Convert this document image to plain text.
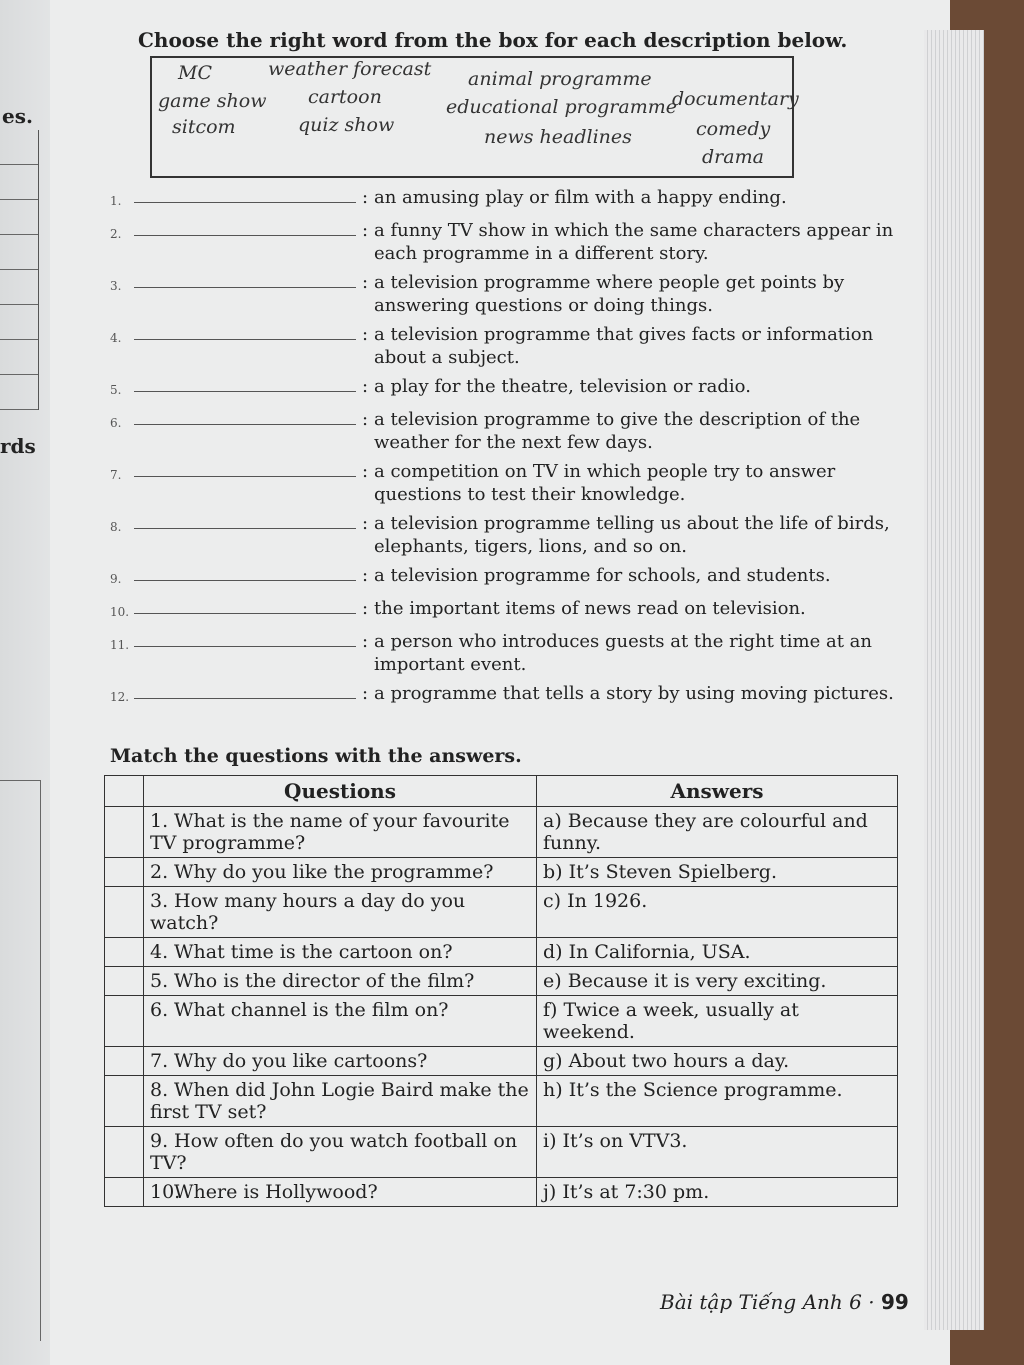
es.
rds
Choose the right word from the box for each description below.
MC	weather forecast animal programme
documentary
game show cartoon	educational programme
comedy
sitcom	quiz show
news headlines
drama
1.	: an amusing play or film with a happy ending.
2.	: a funny TV show in which the same characters appear in each programme in a different story.
3.	: a television programme where people get points by answering questions or doing things.
4.	: a television programme that gives facts or information about a subject.
5.	: a play for the theatre, television or radio.
6.	: a television programme to give the description of the weather for the next few days.
7.	: a competition on TV in which people try to answer questions to test their knowledge.
8.	: a television programme telling us about the life of birds, elephants, tigers, lions, and so on.
9.	: a television programme for schools, and students.
10.	: the important items of news read on television.
11.	: a person who introduces guests at the right time at an important event.
12.	: a programme that tells a story by using moving pictures.
Match the questions with the answers.
	Questions	Answers
	1. What is the name of your favourite TV programme?	a) Because they are colourful and funny.
	2. Why do you like the programme?	b) It’s Steven Spielberg.
	3. How many hours a day do you watch?	c) In 1926.
	4. What time is the cartoon on?	d) In California, USA.
	5. Who is the director of the film?	e) Because it is very exciting.
	6. What channel is the film on?	f) Twice a week, usually at weekend.
	7. Why do you like cartoons?	g) About two hours a day.
	8. When did John Logie Baird make the first TV set?	h) It’s the Science programme.
	9. How often do you watch football on TV?	i) It’s on VTV3.
	10.Where is Hollywood?	j) It’s at 7:30 pm.
Bài tập Tiếng Anh 6 · 99
